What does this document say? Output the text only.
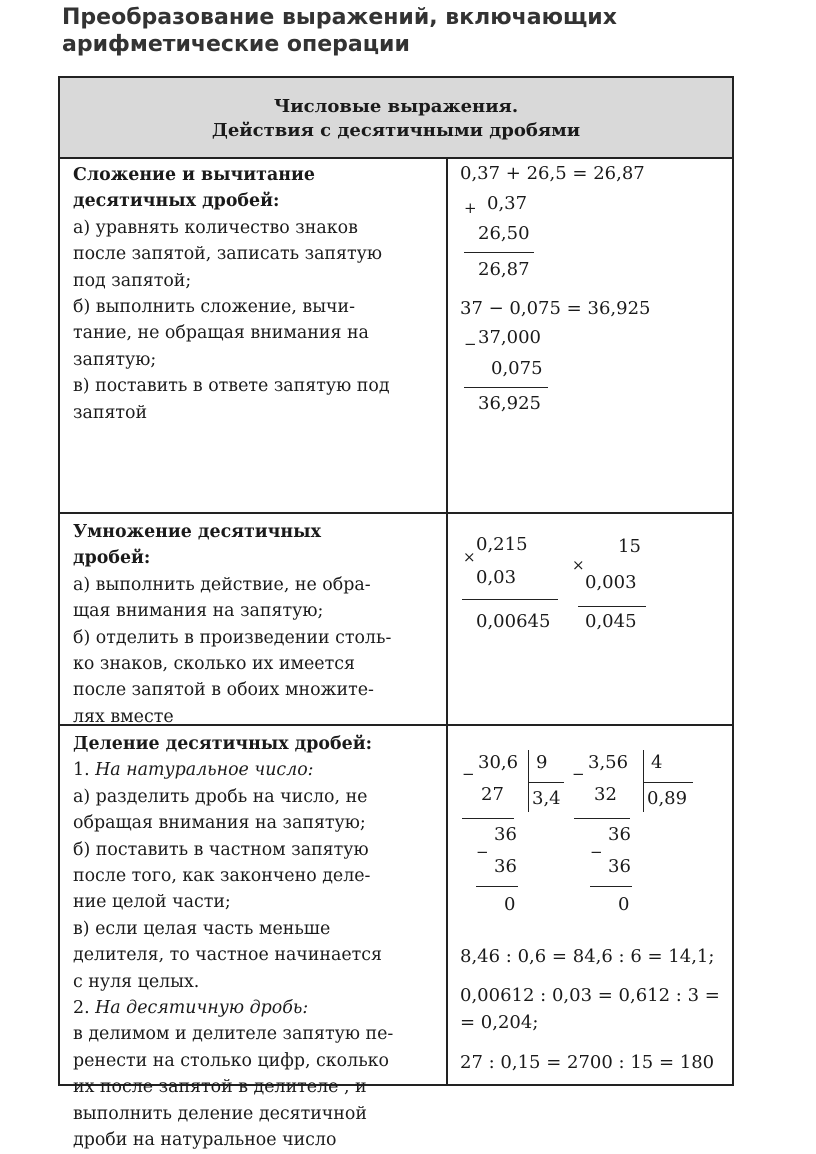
Преобразование выражений, включающих
арифметические операции
Числовые выражения.
Действия с десятичными дробями
Сложение и вычитание
десятичных дробей:
а) уравнять количество знаков
после запятой, записать запятую
под запятой;
б) выполнить сложение, вычи-
тание, не обращая внимания на
запятую;
в) поставить в ответе запятую под
запятой
0,37 + 26,5 = 26,87
+ 0,37
26,50
26,87
37 − 0,075 = 36,925
− 37,000
0,075
36,925
Умножение десятичных
дробей:
а) выполнить действие, не обра-
щая внимания на запятую;
б) отделить в произведении столь-
ко знаков, сколько их имеется
после запятой в обоих множите-
лях вместе
×
0,215
0,03
0,00645
×
15
0,003
0,045
Деление десятичных дробей:
1. На натуральное число:
а) разделить дробь на число, не
обращая внимания на запятую;
б) поставить в частном запятую
после того, как закончено деле-
ние целой части;
в) если целая часть меньше
делителя, то частное начинается
с нуля целых.
2. На десятичную дробь:
в делимом и делителе запятую пе-
ренести на столько цифр, сколько
их после запятой в делителе , и
выполнить деление десятичной
дроби на натуральное число
−
30,6 9
3,4
27
36
−
36
0
−
3,56 4
0,89
32
36
−
36
0
8,46 : 0,6 = 84,6 : 6 = 14,1;
0,00612 : 0,03 = 0,612 : 3 =
= 0,204;
27 : 0,15 = 2700 : 15 = 180
